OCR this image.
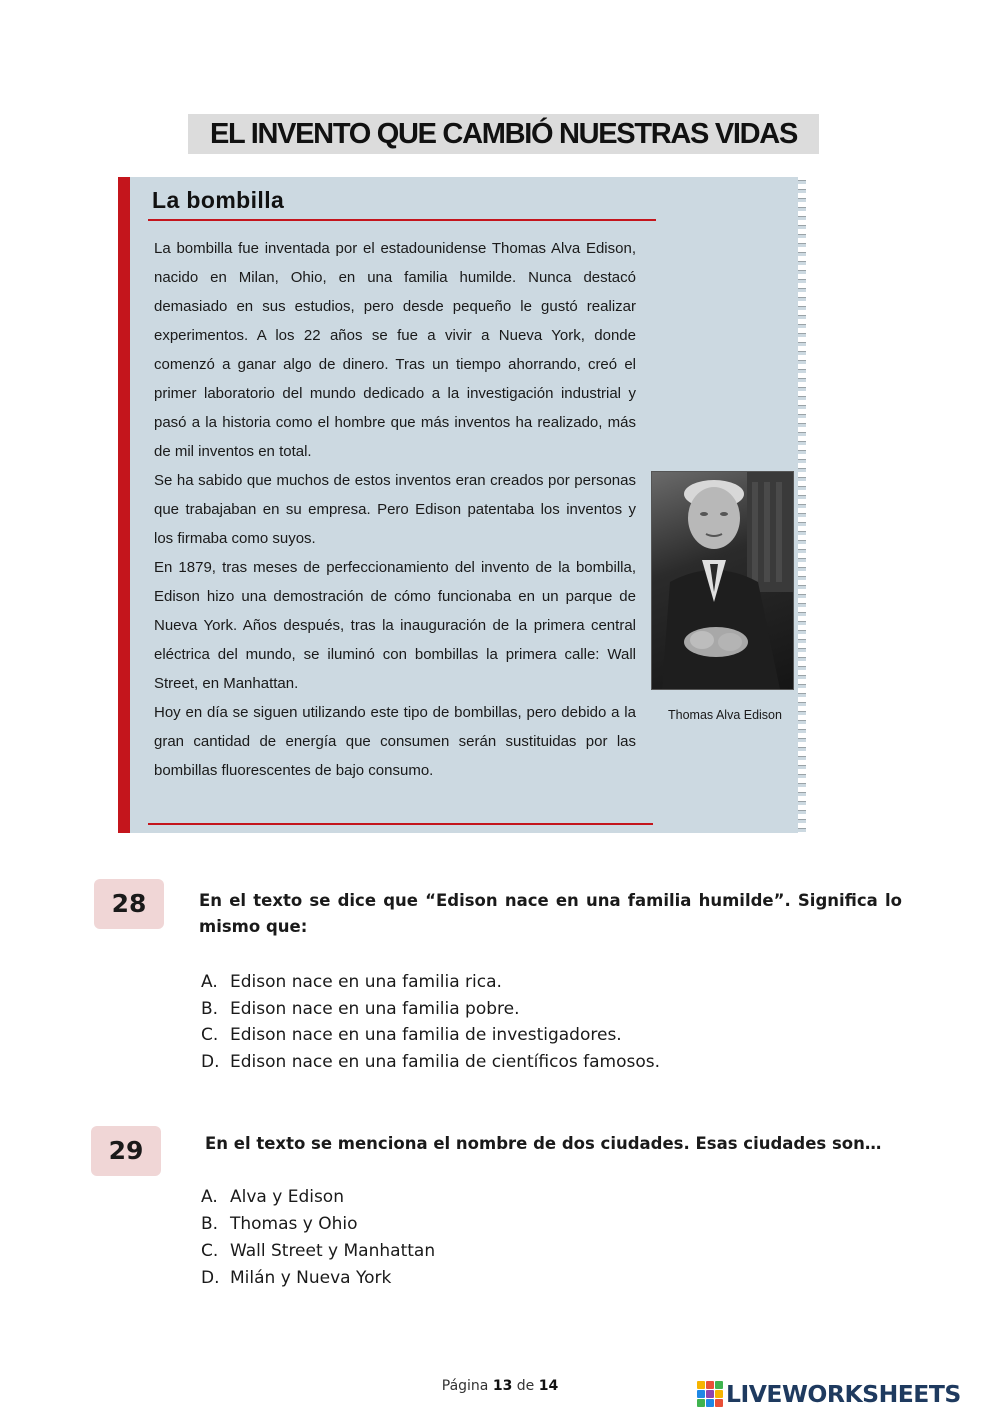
EL INVENTO QUE CAMBIÓ NUESTRAS VIDAS
La bombilla

La bombilla fue inventada por el estadounidense Thomas Alva Edison, nacido en Milan, Ohio, en una familia humilde. Nunca destacó demasiado en sus estudios, pero desde pequeño le gustó realizar experimentos. A los 22 años se fue a vivir a Nueva York, donde comenzó a ganar algo de dinero. Tras un tiempo ahorrando, creó el primer laboratorio del mundo dedicado a la investigación industrial y pasó a la historia como el hombre que más inventos ha realizado, más de mil inventos en total.

Se ha sabido que muchos de estos inventos eran creados por personas que trabajaban en su empresa. Pero Edison patentaba los inventos y los firmaba como suyos.

En 1879, tras meses de perfeccionamiento del invento de la bombilla, Edison hizo una demostración de cómo funcionaba en un parque de Nueva York. Años después, tras la inauguración de la primera central eléctrica del mundo, se iluminó con bombillas la primera calle: Wall Street, en Manhattan.

Hoy en día se siguen utilizando este tipo de bombillas, pero debido a la gran cantidad de energía que consumen serán sustituidas por las bombillas fluorescentes de bajo consumo.

Thomas Alva Edison
28	En el texto se dice que “Edison nace en una familia humilde”. Significa lo mismo que:
A. Edison nace en una familia rica.
B. Edison nace en una familia pobre.
C. Edison nace en una familia de investigadores.
D. Edison nace en una familia de científicos famosos.
29	En el texto se menciona el nombre de dos ciudades. Esas ciudades son…
A. Alva y Edison
B. Thomas y Ohio
C. Wall Street y Manhattan
D. Milán y Nueva York
Página 13 de 14	LIVEWORKSHEETS
